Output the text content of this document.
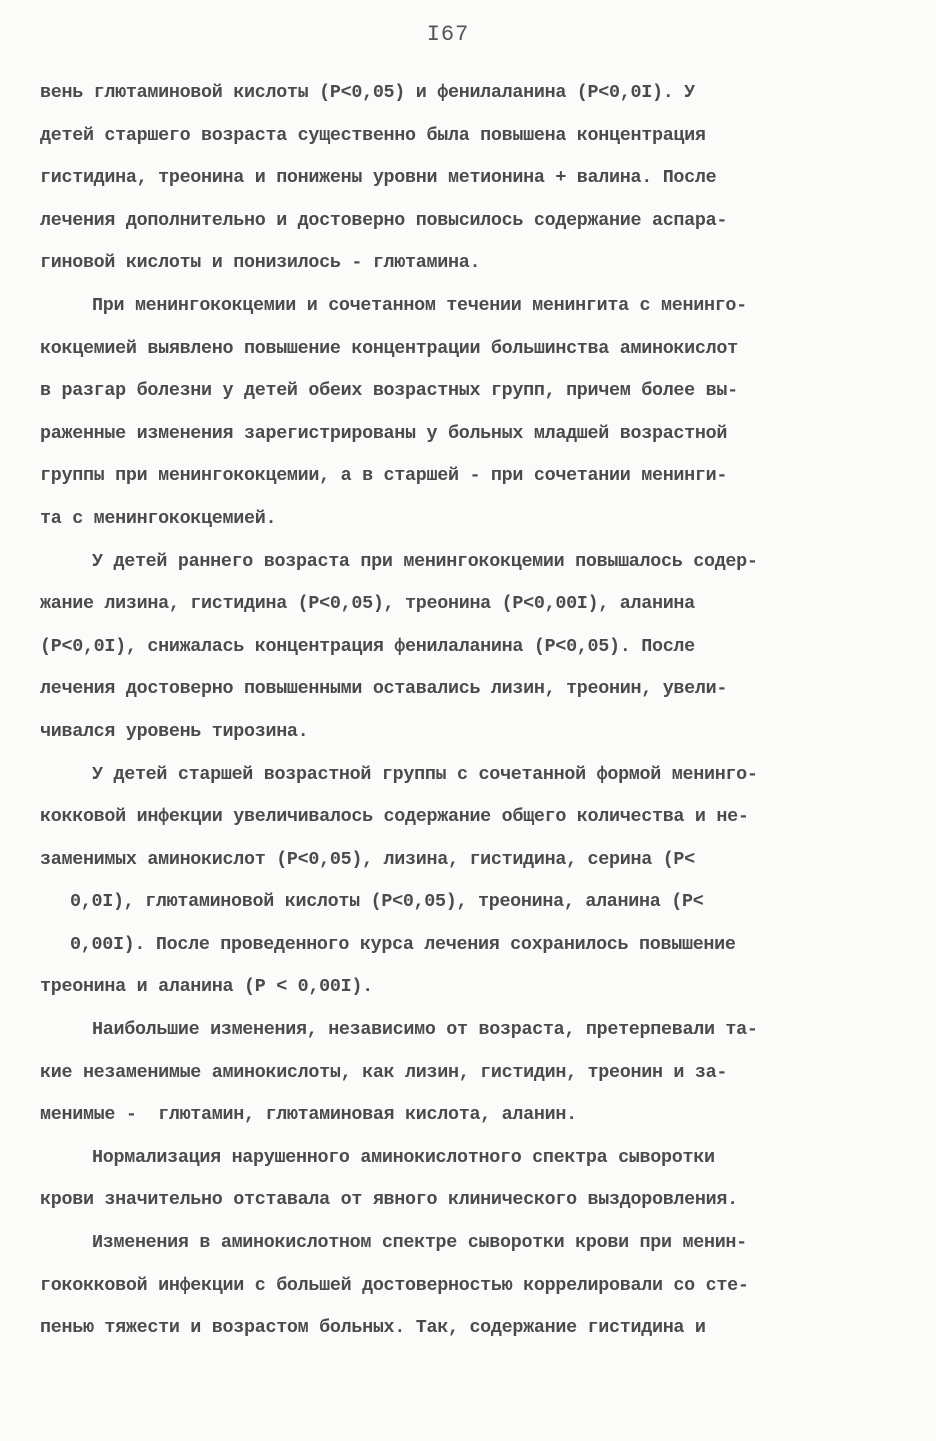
I67
вень глютаминовой кислоты (Р<0,05) и фенилаланина (Р<0,0I). У
детей старшего возраста существенно была повышена концентрация
гистидина, треонина и понижены уровни метионина + валина. После
лечения дополнительно и достоверно повысилось содержание аспара-
гиновой кислоты и понизилось - глютамина.
При менингококцемии и сочетанном течении менингита с менинго-
кокцемией выявлено повышение концентрации большинства аминокислот
в разгар болезни у детей обеих возрастных групп, причем более вы-
раженные изменения зарегистрированы у больных младшей возрастной
группы при менингококцемии, а в старшей - при сочетании менинги-
та с менингококцемией.
У детей раннего возраста при менингококцемии повышалось содер-
жание лизина, гистидина (Р<0,05), треонина (Р<0,00I), аланина
(Р<0,0I), снижалась концентрация фенилаланина (Р<0,05). После
лечения достоверно повышенными оставались лизин, треонин, увели-
чивался уровень тирозина.
У детей старшей возрастной группы с сочетанной формой менинго-
кокковой инфекции увеличивалось содержание общего количества и не-
заменимых аминокислот (Р<0,05), лизина, гистидина, серина (Р<
0,0I), глютаминовой кислоты (Р<0,05), треонина, аланина (Р<
0,00I). После проведенного курса лечения сохранилось повышение
треонина и аланина (Р < 0,00I).
Наибольшие изменения, независимо от возраста, претерпевали та-
кие незаменимые аминокислоты, как лизин, гистидин, треонин и за-
менимые -  глютамин, глютаминовая кислота, аланин.
Нормализация нарушенного аминокислотного спектра сыворотки
крови значительно отставала от явного клинического выздоровления.
Изменения в аминокислотном спектре сыворотки крови при менин-
гококковой инфекции с большей достоверностью коррелировали со сте-
пенью тяжести и возрастом больных. Так, содержание гистидина и
